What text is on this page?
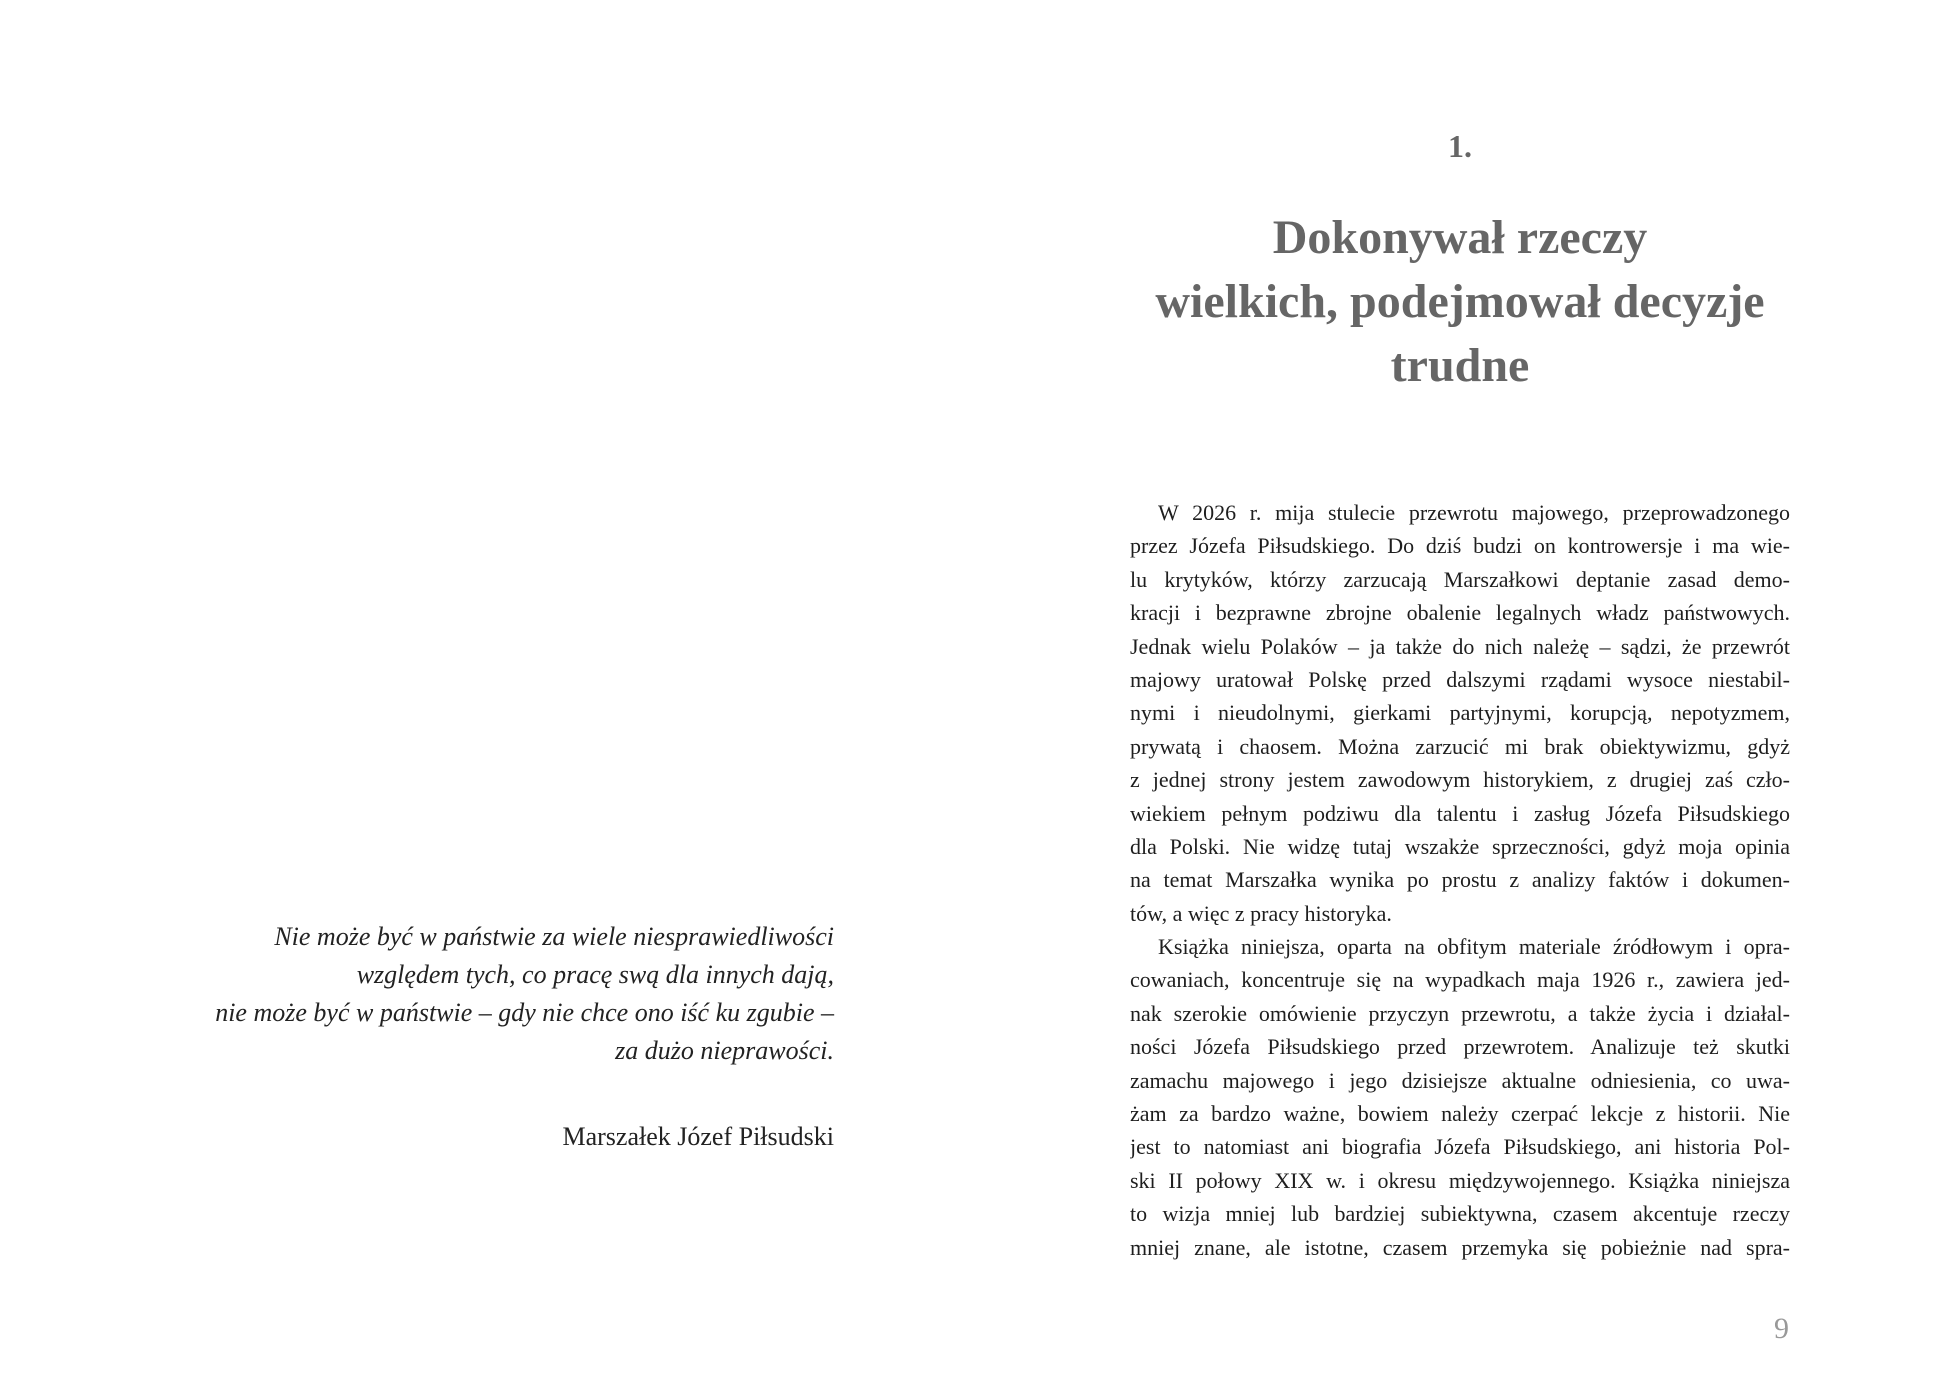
Nie może być w państwie za wiele niesprawiedliwości
względem tych, co pracę swą dla innych dają,
nie może być w państwie – gdy nie chce ono iść ku zgubie –
za dużo nieprawości.
Marszałek Józef Piłsudski
1.
Dokonywał rzeczy
wielkich, podejmował decyzje
trudne
W 2026 r. mija stulecie przewrotu majowego, przeprowadzonego
przez Józefa Piłsudskiego. Do dziś budzi on kontrowersje i ma wie-
lu krytyków, którzy zarzucają Marszałkowi deptanie zasad demo-
kracji i bezprawne zbrojne obalenie legalnych władz państwowych.
Jednak wielu Polaków – ja także do nich należę – sądzi, że przewrót
majowy uratował Polskę przed dalszymi rządami wysoce niestabil-
nymi i nieudolnymi, gierkami partyjnymi, korupcją, nepotyzmem,
prywatą i chaosem. Można zarzucić mi brak obiektywizmu, gdyż
z jednej strony jestem zawodowym historykiem, z drugiej zaś czło-
wiekiem pełnym podziwu dla talentu i zasług Józefa Piłsudskiego
dla Polski. Nie widzę tutaj wszakże sprzeczności, gdyż moja opinia
na temat Marszałka wynika po prostu z analizy faktów i dokumen-
tów, a więc z pracy historyka.
Książka niniejsza, oparta na obfitym materiale źródłowym i opra-
cowaniach, koncentruje się na wypadkach maja 1926 r., zawiera jed-
nak szerokie omówienie przyczyn przewrotu, a także życia i działal-
ności Józefa Piłsudskiego przed przewrotem. Analizuje też skutki
zamachu majowego i jego dzisiejsze aktualne odniesienia, co uwa-
żam za bardzo ważne, bowiem należy czerpać lekcje z historii. Nie
jest to natomiast ani biografia Józefa Piłsudskiego, ani historia Pol-
ski II połowy XIX w. i okresu międzywojennego. Książka niniejsza
to wizja mniej lub bardziej subiektywna, czasem akcentuje rzeczy
mniej znane, ale istotne, czasem przemyka się pobieżnie nad spra-
9
